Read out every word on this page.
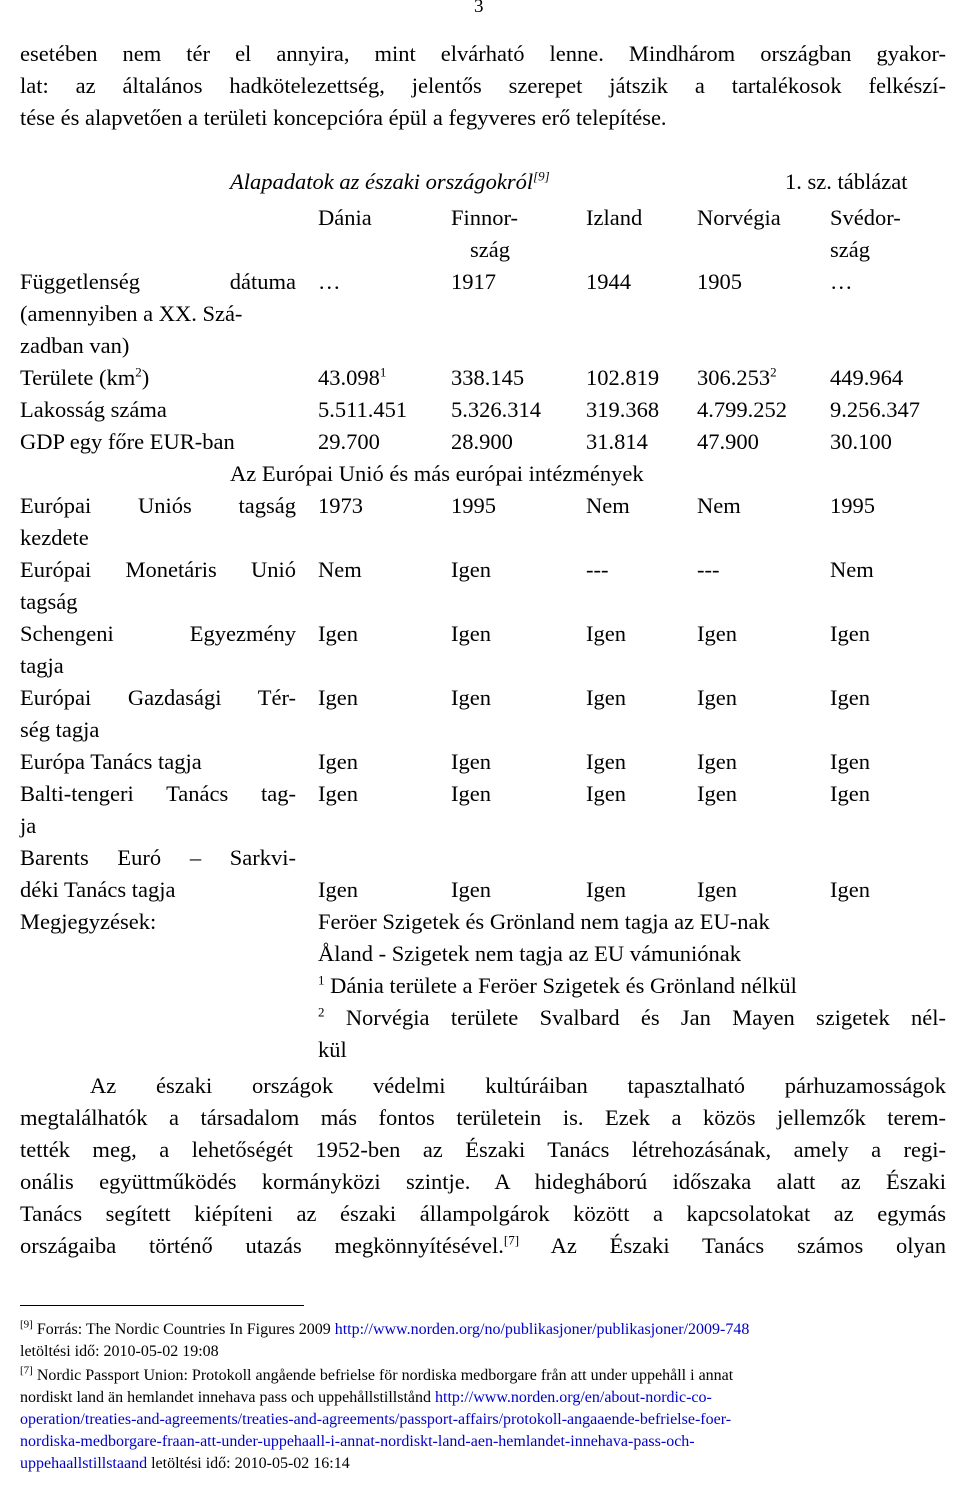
3
esetében nem tér el annyira, mint elvárható lenne. Mindhárom országban gyakor-
lat: az általános hadkötelezettség, jelentős szerepet játszik a tartalékosok felkészí-
tése és alapvetően a területi koncepcióra épül a fegyveres erő telepítése.
Alapadatok az északi országokról[9]	1. sz. táblázat
Dánia	Finnor-
szág
Izland Norvégia Svédor-
szág
Függetlenség dátuma
(amennyiben a XX. Szá-
zadban van)
…	1917	1944	1905	…
Területe $(km^2)$	43.098$^1$	338.145	102.819 306.253$^2$ 449.964
Lakosság száma	5.511.451 5.326.314 319.368 4.799.252 9.256.347
GDP egy főre EUR-ban	29.700	28.900	31.814 47.900	30.100
Az Európai Unió és más európai intézmények
Európai Uniós tagság
kezdete
1973	1995	Nem	Nem	1995
Európai Monetáris Unió
tagság
Nem	Igen	---	---	Nem
Schengeni Egyezmény
tagja
Igen	Igen	Igen	Igen	Igen
Európai Gazdasági Tér-
ség tagja
Igen	Igen	Igen	Igen	Igen
Európa Tanács tagja	Igen	Igen	Igen	Igen	Igen
Balti-tengeri Tanács tag-
ja
Igen	Igen	Igen	Igen	Igen
Barents Euró – Sarkvi-
déki Tanács tagja	Igen	Igen	Igen	Igen	Igen
Megjegyzések:	Feröer Szigetek és Grönland nem tagja az EU-nak
Åland - Szigetek nem tagja az EU vámuniónak
$^1$ Dánia területe a Feröer Szigetek és Grönland nélkül
$^2$ Norvégia területe Svalbard és Jan Mayen szigetek nél-
kül
Az északi országok védelmi kultúráiban tapasztalható párhuzamosságok
megtalálhatók a társadalom más fontos területein is. Ezek a közös jellemzők terem-
tették meg, a lehetőségét 1952-ben az Északi Tanács létrehozásának, amely a regi-
onális együttműködés kormányközi szintje. A hidegháború időszaka alatt az Északi
Tanács segített kiépíteni az északi állampolgárok között a kapcsolatokat az egymás
országaiba történő utazás megkönnyítésével.[7] Az Északi Tanács számos olyan
[9] Forrás: The Nordic Countries In Figures 2009 http://www.norden.org/no/publikasjoner/publikasjoner/2009-748
letöltési idő: 2010-05-02 19:08
[7] Nordic Passport Union: Protokoll angående befrielse för nordiska medborgare från att under uppehåll i annat
nordiskt land än hemlandet innehava pass och uppehållstillstånd http://www.norden.org/en/about-nordic-co-
operation/treaties-and-agreements/treaties-and-agreements/passport-affairs/protokoll-angaaende-befrielse-foer-
nordiska-medborgare-fraan-att-under-uppehaall-i-annat-nordiskt-land-aen-hemlandet-innehava-pass-och-
uppehaallstillstaand letöltési idő: 2010-05-02 16:14
